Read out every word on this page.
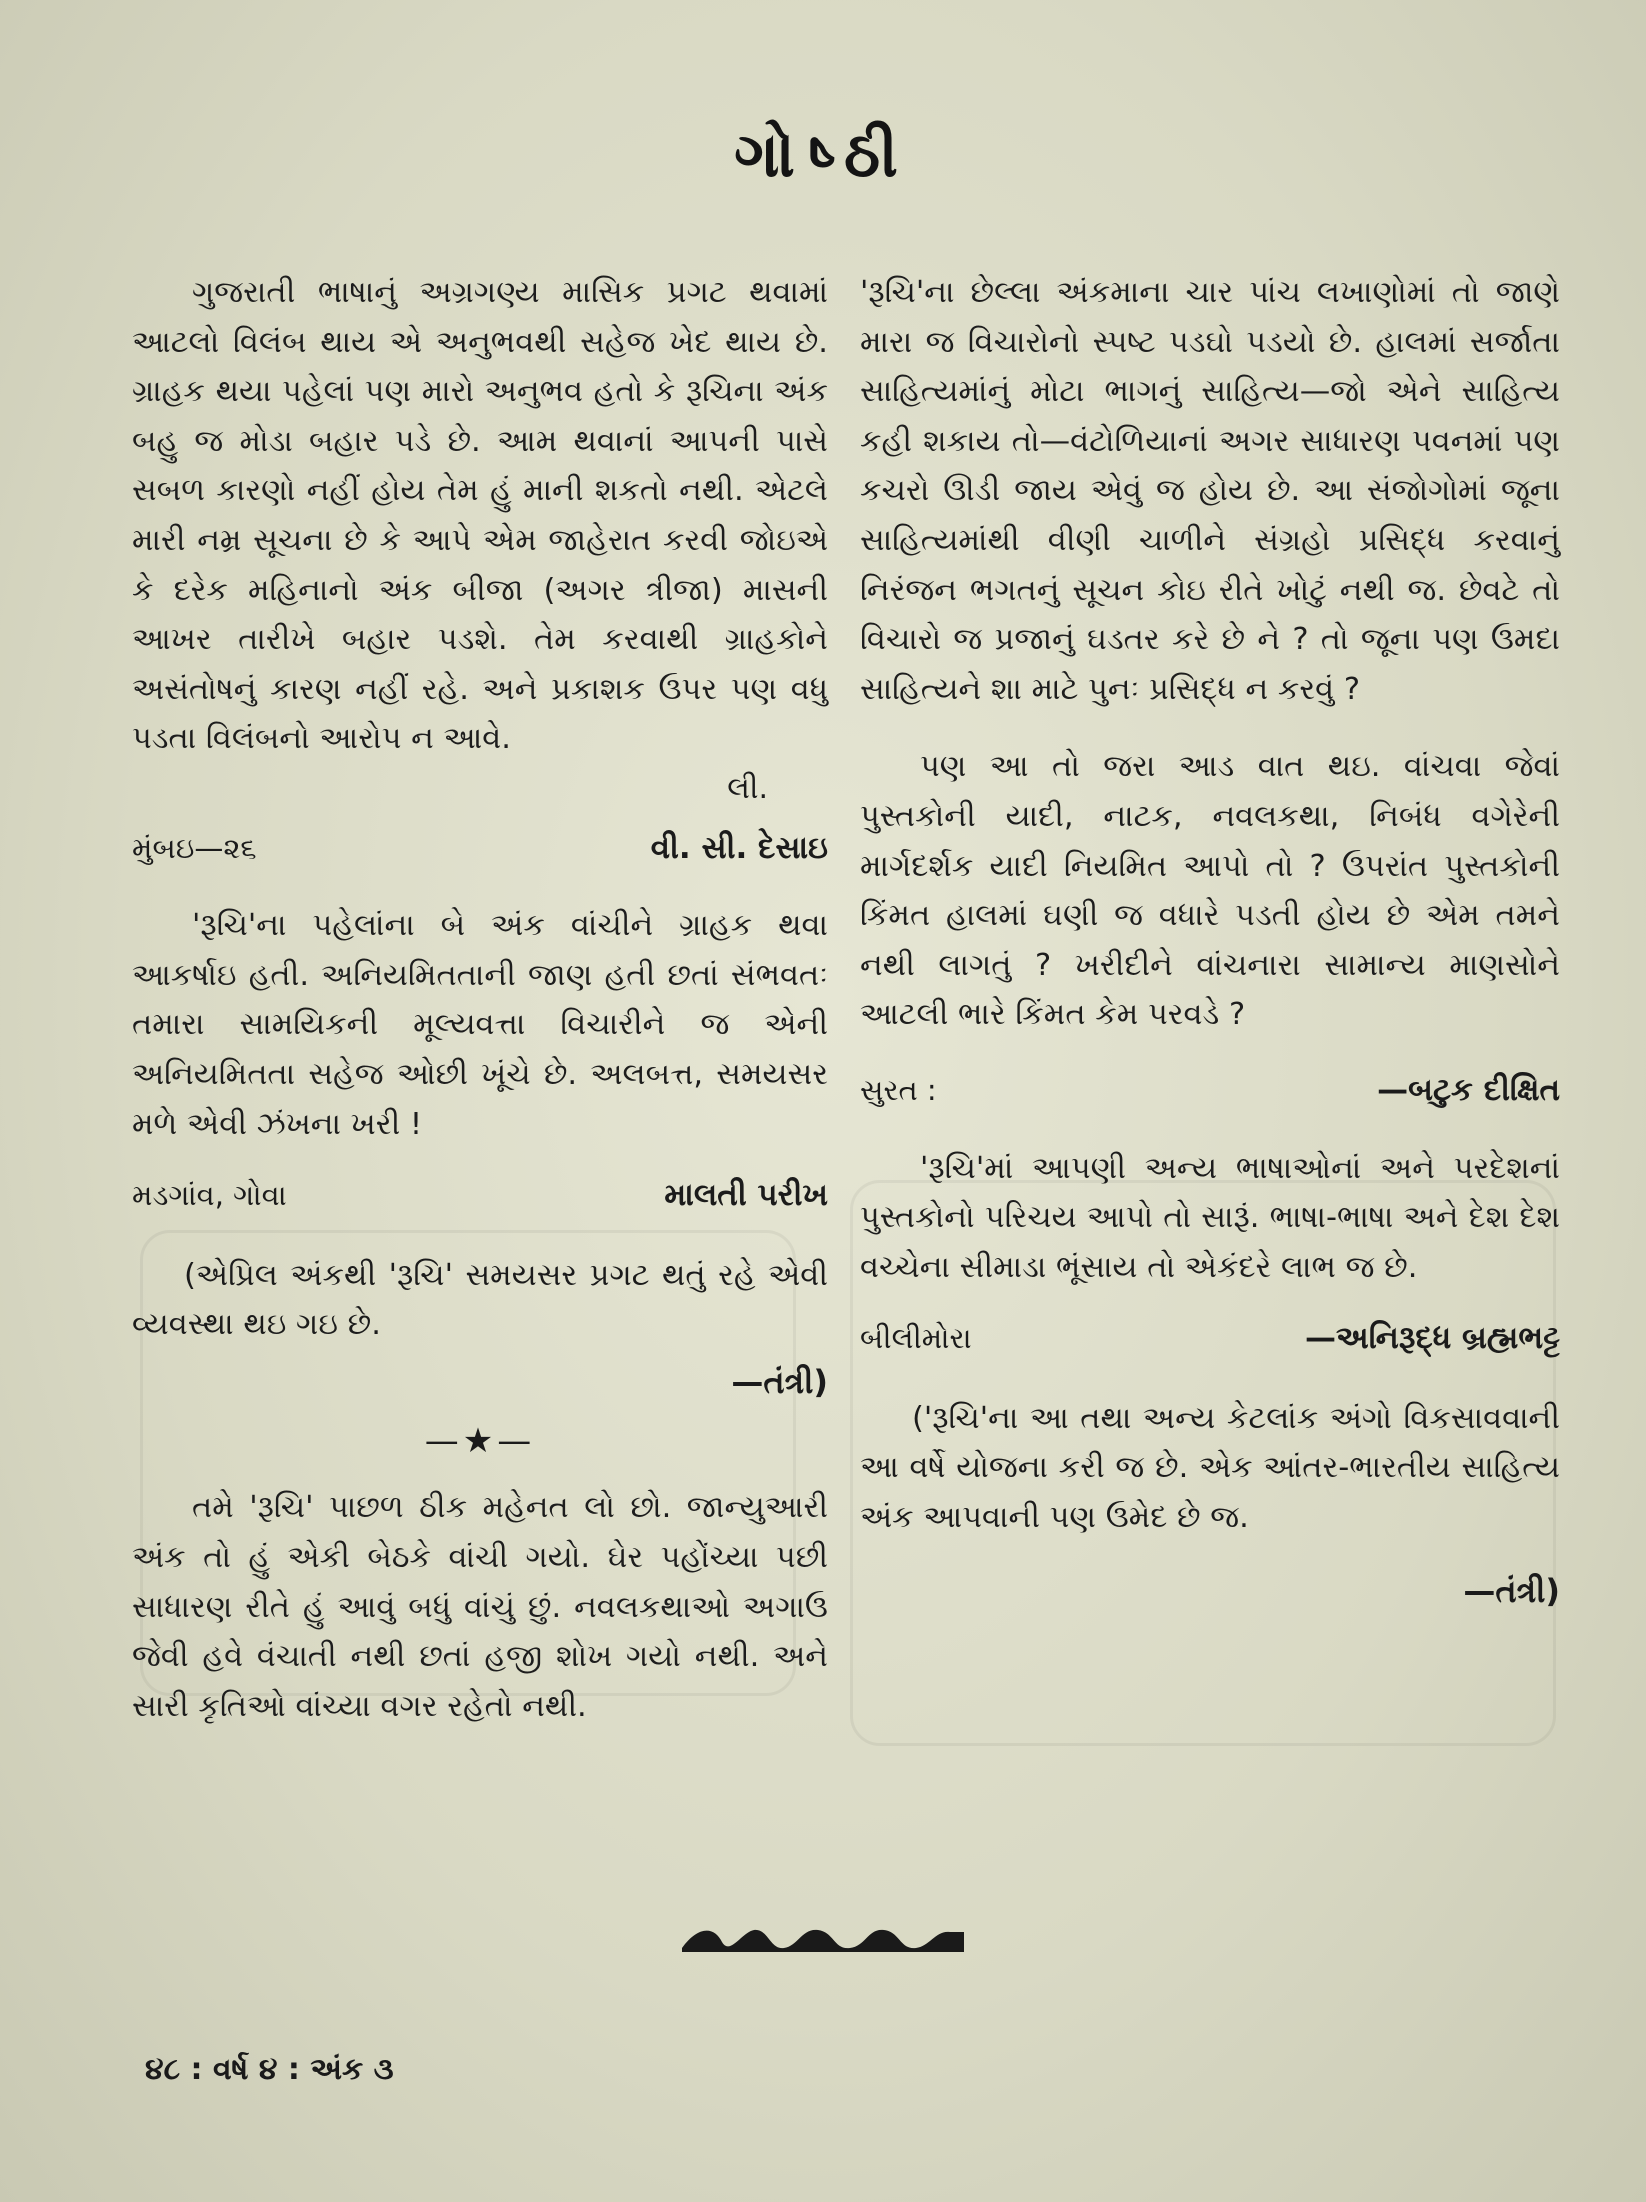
ગોષ્ઠી

ગુજરાતી ભાષાનું અગ્રગણ્ય માસિક પ્રગટ થવામાં આટલો વિલંબ થાય એ અનુભવથી સહેજ ખેદ થાય છે. ગ્રાહક થયા પહેલાં પણ મારો અનુભવ હતો કે રૂચિના અંક બહુ જ મોડા બહાર પડે છે. આમ થવાનાં આપની પાસે સબળ કારણો નહીં હોય તેમ હું માની શકતો નથી. એટલે મારી નમ્ર સૂચના છે કે આપે એમ જાહેરાત કરવી જોઇએ કે દરેક મહિનાનો અંક બીજા (અગર ત્રીજા) માસની આખર તારીખે બહાર પડશે. તેમ કરવાથી ગ્રાહકોને અસંતોષનું કારણ નહીં રહે. અને પ્રકાશક ઉપર પણ વધુ પડતા વિલંબનો આરોપ ન આવે.

લી.

મુંબઇ—૨૬	વી. સી. દેસાઇ

'રૂચિ'ના પહેલાંના બે અંક વાંચીને ગ્રાહક થવા આકર્ષાઇ હતી. અનિયમિતતાની જાણ હતી છતાં સંભવતઃ તમારા સામયિકની મૂલ્યવત્તા વિચારીને જ એની અનિયમિતતા સહેજ ઓછી ખૂંચે છે. અલબત્ત, સમયસર મળે એવી ઝંખના ખરી !

મડગાંવ, ગોવા	માલતી પરીખ

(એપ્રિલ અંકથી 'રૂચિ' સમયસર પ્રગટ થતું રહે એવી વ્યવસ્થા થઇ ગઇ છે.

—તંત્રી)

—★—

તમે 'રૂચિ' પાછળ ઠીક મહેનત લો છો. જાન્યુઆરી અંક તો હું એકી બેઠકે વાંચી ગયો. ઘેર પહોંચ્યા પછી સાધારણ રીતે હું આવું બધું વાંચું છું. નવલકથાઓ અગાઉ જેવી હવે વંચાતી નથી છતાં હજી શોખ ગયો નથી. અને સારી કૃતિઓ વાંચ્યા વગર રહેતો નથી.

'રૂચિ'ના છેલ્લા અંકમાના ચાર પાંચ લખાણોમાં તો જાણે મારા જ વિચારોનો સ્પષ્ટ પડઘો પડયો છે. હાલમાં સર્જાતા સાહિત્યમાંનું મોટા ભાગનું સાહિત્ય—જો એને સાહિત્ય કહી શકાય તો—વંટોળિયાનાં અગર સાધારણ પવનમાં પણ કચરો ઊડી જાય એવું જ હોય છે. આ સંજોગોમાં જૂના સાહિત્યમાંથી વીણી ચાળીને સંગ્રહો પ્રસિદ્ધ કરવાનું નિરંજન ભગતનું સૂચન કોઇ રીતે ખોટું નથી જ. છેવટે તો વિચારો જ પ્રજાનું ઘડતર કરે છે ને ? તો જૂના પણ ઉમદા સાહિત્યને શા માટે પુનઃ પ્રસિદ્ધ ન કરવું ?

પણ આ તો જરા આડ વાત થઇ. વાંચવા જેવાં પુસ્તકોની યાદી, નાટક, નવલકથા, નિબંધ વગેરેની માર્ગદર્શક યાદી નિયમિત આપો તો ? ઉપરાંત પુસ્તકોની કિંમત હાલમાં ઘણી જ વધારે પડતી હોય છે એમ તમને નથી લાગતું ? ખરીદીને વાંચનારા સામાન્ય માણસોને આટલી ભારે કિંમત કેમ પરવડે ?

સુરત :	—બટુક દીક્ષિત

'રૂચિ'માં આપણી અન્ય ભાષાઓનાં અને પરદેશનાં પુસ્તકોનો પરિચય આપો તો સારૂં. ભાષા-ભાષા અને દેશ દેશ વચ્ચેના સીમાડા ભૂંસાય તો એકંદરે લાભ જ છે.

બીલીમોરા	—અનિરૂદ્ધ બ્રહ્મભટ્ટ

('રૂચિ'ના આ તથા અન્ય કેટલાંક અંગો વિકસાવવાની આ વર્ષે યોજના કરી જ છે. એક આંતર-ભારતીય સાહિત્ય અંક આપવાની પણ ઉમેદ છે જ.

—તંત્રી)

૪૮ : વર્ષ ૪ : અંક ૩
